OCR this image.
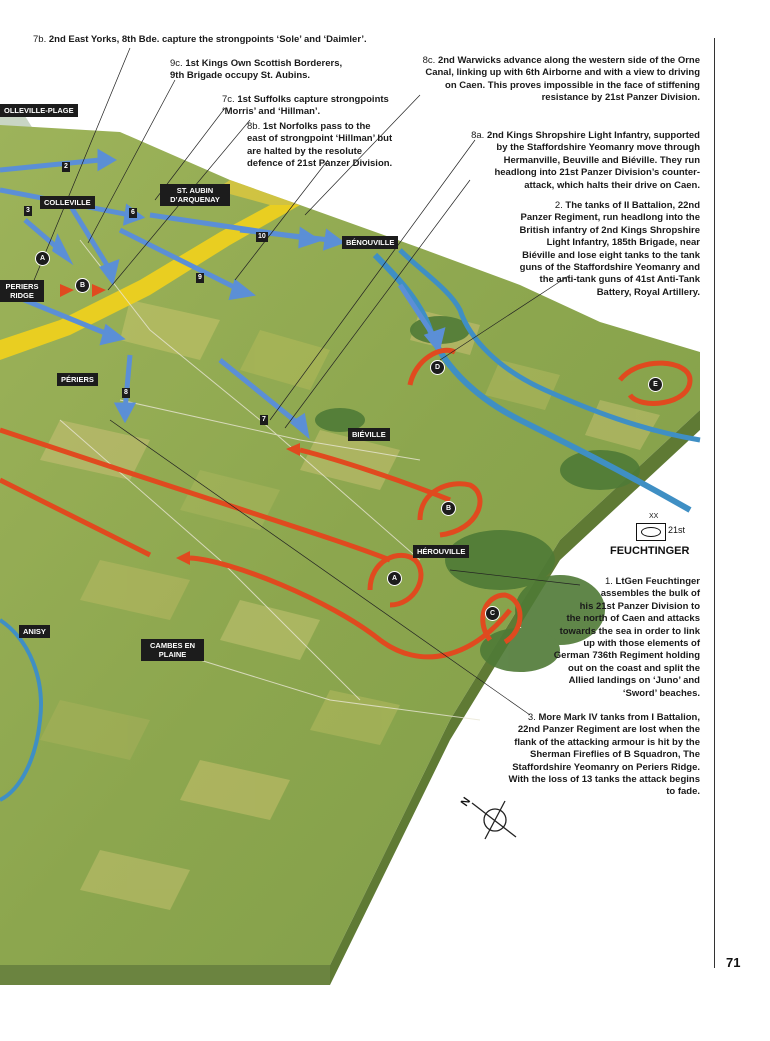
71
7b. 2nd East Yorks, 8th Bde. capture the strongpoints ‘Sole’ and ‘Daimler’.
9c. 1st Kings Own Scottish Borderers,
9th Brigade occupy St. Aubins.
7c. 1st Suffolks capture strongpoints
‘Morris’ and ‘Hillman’.
8b. 1st Norfolks pass to the
east of strongpoint ‘Hillman’ but
are halted by the resolute
defence of 21st Panzer Division.
8c. 2nd Warwicks advance along the western side of the Orne
Canal, linking up with 6th Airborne and with a view to driving
on Caen. This proves impossible in the face of stiffening
resistance by 21st Panzer Division.
8a. 2nd Kings Shropshire Light Infantry, supported
by the Staffordshire Yeomanry move through
Hermanville, Beuville and Biéville. They run
headlong into 21st Panzer Division’s counter-
attack, which halts their drive on Caen.
2. The tanks of II Battalion, 22nd
Panzer Regiment, run headlong into the
British infantry of 2nd Kings Shropshire
Light Infantry, 185th Brigade, near
Biéville and lose eight tanks to the tank
guns of the Staffordshire Yeomanry and
the anti-tank guns of 41st Anti-Tank
Battery, Royal Artillery.
1. LtGen Feuchtinger
assembles the bulk of
his 21st Panzer Division to
the north of Caen and attacks
towards the sea in order to link
up with those elements of
German 736th Regiment holding
out on the coast and split the
Allied landings on ‘Juno’ and
‘Sword’ beaches.
3. More Mark IV tanks from I Battalion,
22nd Panzer Regiment are lost when the
flank of the attacking armour is hit by the
Sherman Fireflies of B Squadron, The
Staffordshire Yeomanry on Periers Ridge.
With the loss of 13 tanks the attack begins
to fade.
OLLEVILLE-PLAGE
COLLEVILLE
ST. AUBIN D’ARQUENAY
BÉNOUVILLE
PERIERS RIDGE
PÉRIERS
BIÉVILLE
HÉROUVILLE
ANISY
CAMBES EN PLAINE
2
3	6
10
9
8
7
A
B
D
E
B
A
C
XX
21st
FEUCHTINGER
N
